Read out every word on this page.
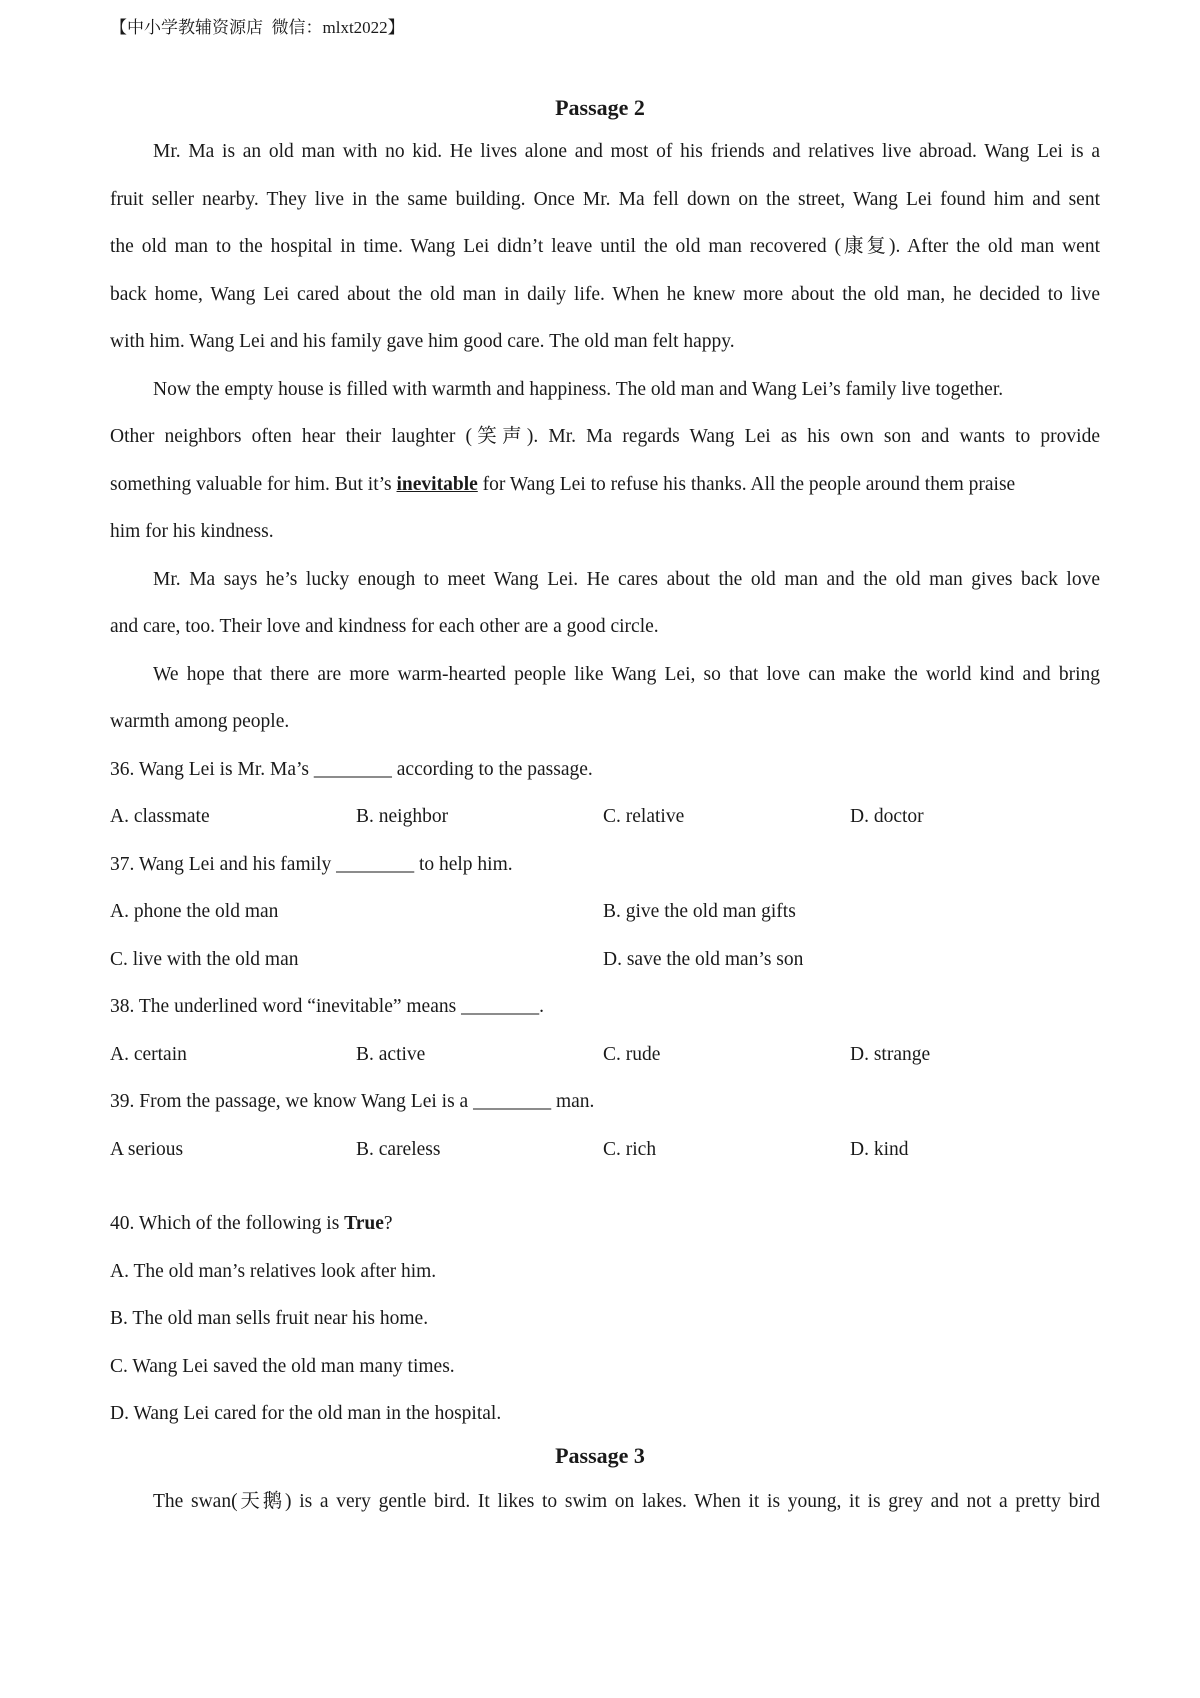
【中小学教辅资源店  微信：mlxt2022】
Passage 2
Mr. Ma is an old man with no kid. He lives alone and most of his friends and relatives live abroad. Wang Lei is a
fruit seller nearby. They live in the same building. Once Mr. Ma fell down on the street, Wang Lei found him and sent
the old man to the hospital in time. Wang Lei didn’t leave until the old man recovered (康复). After the old man went
back home, Wang Lei cared about the old man in daily life. When he knew more about the old man, he decided to live
with him. Wang Lei and his family gave him good care. The old man felt happy.
Now the empty house is filled with warmth and happiness. The old man and Wang Lei’s family live together.
Other neighbors often hear their laughter (笑声). Mr. Ma regards Wang Lei as his own son and wants to provide
something valuable for him. But it’s inevitable for Wang Lei to refuse his thanks. All the people around them praise
him for his kindness.
Mr. Ma says he’s lucky enough to meet Wang Lei. He cares about the old man and the old man gives back love
and care, too. Their love and kindness for each other are a good circle.
We hope that there are more warm-hearted people like Wang Lei, so that love can make the world kind and bring
warmth among people.
36. Wang Lei is Mr. Ma’s ________ according to the passage.
A. classmate	B. neighbor	C. relative	D. doctor
37. Wang Lei and his family ________ to help him.
A. phone the old man	B. give the old man gifts
C. live with the old man	D. save the old man’s son
38. The underlined word “inevitable” means ________.
A. certain	B. active	C. rude	D. strange
39. From the passage, we know Wang Lei is a ________ man.
A serious	B. careless	C. rich	D. kind
40. Which of the following is True?
A. The old man’s relatives look after him.
B. The old man sells fruit near his home.
C. Wang Lei saved the old man many times.
D. Wang Lei cared for the old man in the hospital.
Passage 3
The swan(天鹅) is a very gentle bird. It likes to swim on lakes. When it is young, it is grey and not a pretty bird
